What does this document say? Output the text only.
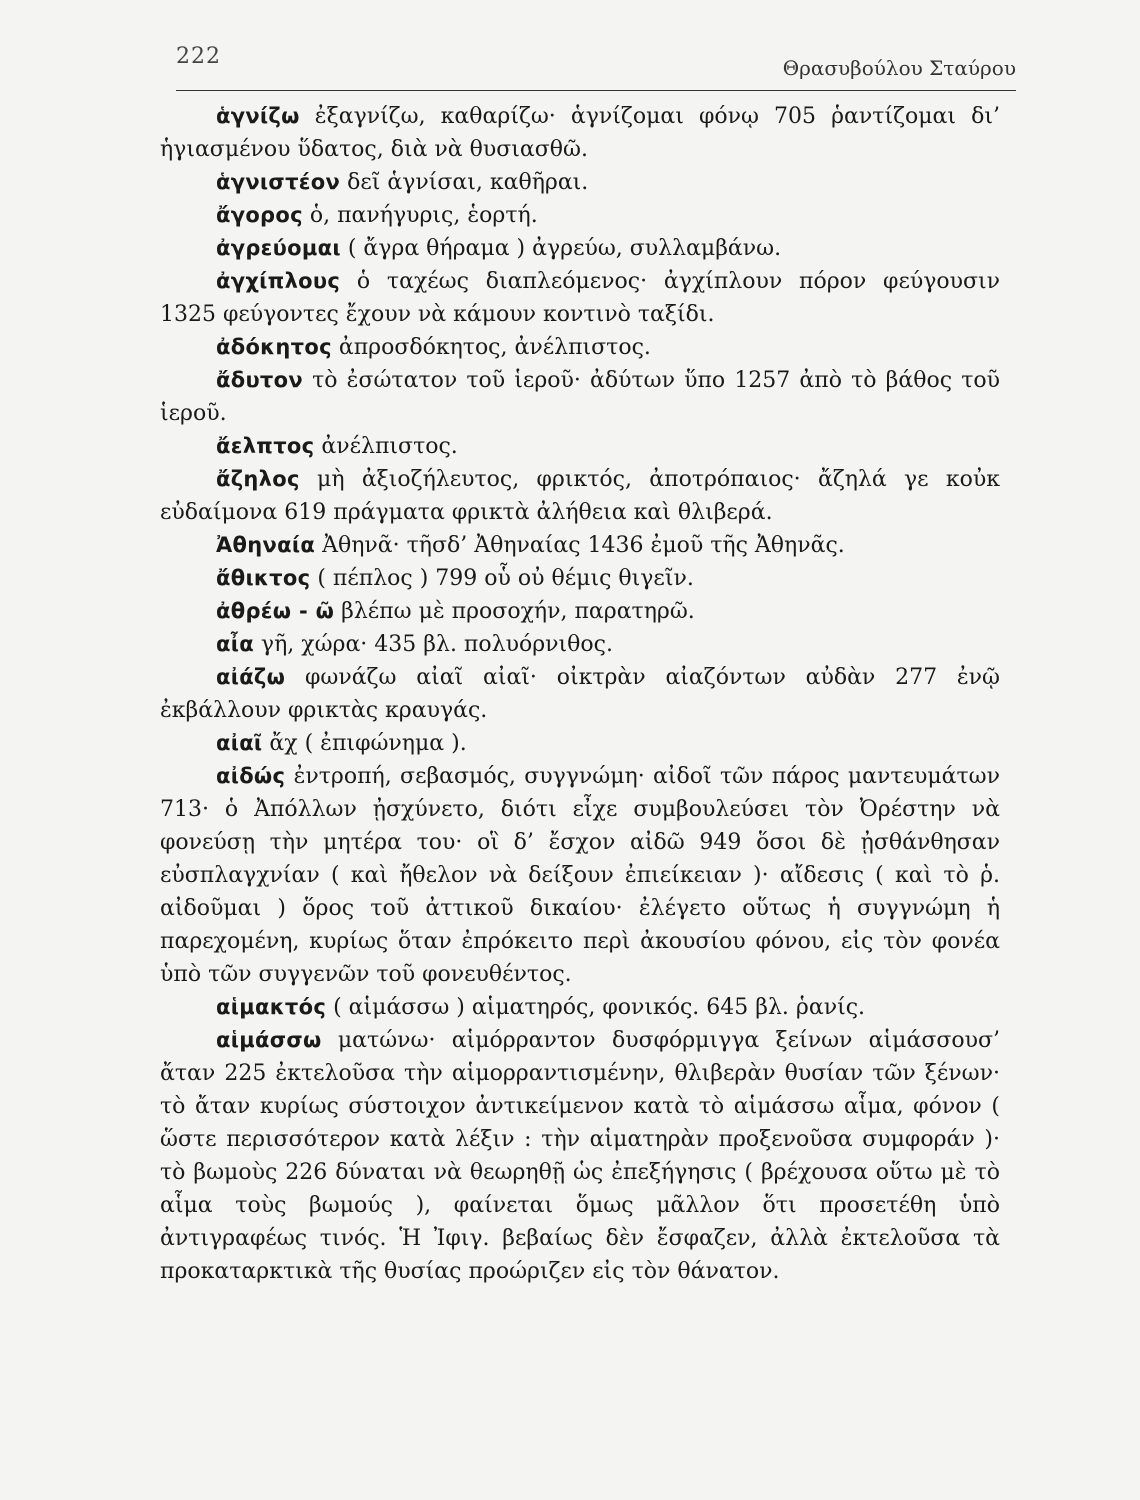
222	Θρασυβούλου Σταύρου

ἁγνίζω ἐξαγνίζω, καθαρίζω· ἁγνίζομαι φόνῳ 705 ῥαντίζομαι δι’ ἡγιασμένου ὕδατος, διὰ νὰ θυσιασθῶ.

ἁγνιστέον δεῖ ἁγνίσαι, καθῆραι.

ἄγορος ὁ, πανήγυρις, ἑορτή.

ἀγρεύομαι ( ἄγρα θήραμα ) ἀγρεύω, συλλαμβάνω.

ἀγχίπλους ὁ ταχέως διαπλεόμενος· ἀγχίπλουν πόρον φεύγουσιν 1325 φεύγοντες ἔχουν νὰ κάμουν κοντινὸ ταξίδι.

ἀδόκητος ἀπροσδόκητος, ἀνέλπιστος.

ἄδυτον τὸ ἐσώτατον τοῦ ἱεροῦ· ἀδύτων ὕπο 1257 ἀπὸ τὸ βάθος τοῦ ἱεροῦ.

ἄελπτος ἀνέλπιστος.

ἄζηλος μὴ ἀξιοζήλευτος, φρικτός, ἀποτρόπαιος· ἄζηλά γε κοὐκ εὐδαίμονα 619 πράγματα φρικτὰ ἀλήθεια καὶ θλιβερά.

Ἀθηναία Ἀθηνᾶ· τῆσδ’ Ἀθηναίας 1436 ἐμοῦ τῆς Ἀθηνᾶς.

ἄθικτος ( πέπλος ) 799 οὗ οὐ θέμις θιγεῖν.

ἀθρέω - ῶ βλέπω μὲ προσοχήν, παρατηρῶ.

αἶα γῆ, χώρα· 435 βλ. πολυόρνιθος.

αἰάζω φωνάζω αἰαῖ αἰαῖ· οἰκτρὰν αἰαζόντων αὐδὰν 277 ἐνῷ ἐκβάλλουν φρικτὰς κραυγάς.

αἰαῖ ἄχ ( ἐπιφώνημα ).

αἰδώς ἐντροπή, σεβασμός, συγγνώμη· αἰδοῖ τῶν πάρος μαντευμάτων 713· ὁ Ἀπόλλων ᾐσχύνετο, διότι εἶχε συμβουλεύσει τὸν Ὀρέστην νὰ φονεύσῃ τὴν μητέρα του· οἳ δ’ ἔσχον αἰδῶ 949 ὅσοι δὲ ᾐσθάνθησαν εὐσπλαγχνίαν ( καὶ ἤθελον νὰ δείξουν ἐπιείκειαν )· αἴδεσις ( καὶ τὸ ῥ. αἰδοῦμαι ) ὅρος τοῦ ἀττικοῦ δικαίου· ἐλέγετο οὕτως ἡ συγγνώμη ἡ παρεχομένη, κυρίως ὅταν ἐπρόκειτο περὶ ἀκουσίου φόνου, εἰς τὸν φονέα ὑπὸ τῶν συγγενῶν τοῦ φονευθέντος.

αἱμακτός ( αἱμάσσω ) αἱματηρός, φονικός. 645 βλ. ῥανίς.

αἱμάσσω ματώνω· αἱμόρραντον δυσφόρμιγγα ξείνων αἱμάσσουσ’ ἄταν 225 ἐκτελοῦσα τὴν αἱμορραντισμένην, θλιβερὰν θυσίαν τῶν ξένων· τὸ ἄταν κυρίως σύστοιχον ἀντικείμενον κατὰ τὸ αἱμάσσω αἷμα, φόνον ( ὥστε περισσότερον κατὰ λέξιν : τὴν αἱματηρὰν προξενοῦσα συμφοράν )· τὸ βωμοὺς 226 δύναται νὰ θεωρηθῇ ὡς ἐπεξήγησις ( βρέχουσα οὕτω μὲ τὸ αἷμα τοὺς βωμούς ), φαίνεται ὅμως μᾶλλον ὅτι προσετέθη ὑπὸ ἀντιγραφέως τινός. Ἡ Ἰφιγ. βεβαίως δὲν ἔσφαζεν, ἀλλὰ ἐκτελοῦσα τὰ προκαταρκτικὰ τῆς θυσίας προώριζεν εἰς τὸν θάνατον.
